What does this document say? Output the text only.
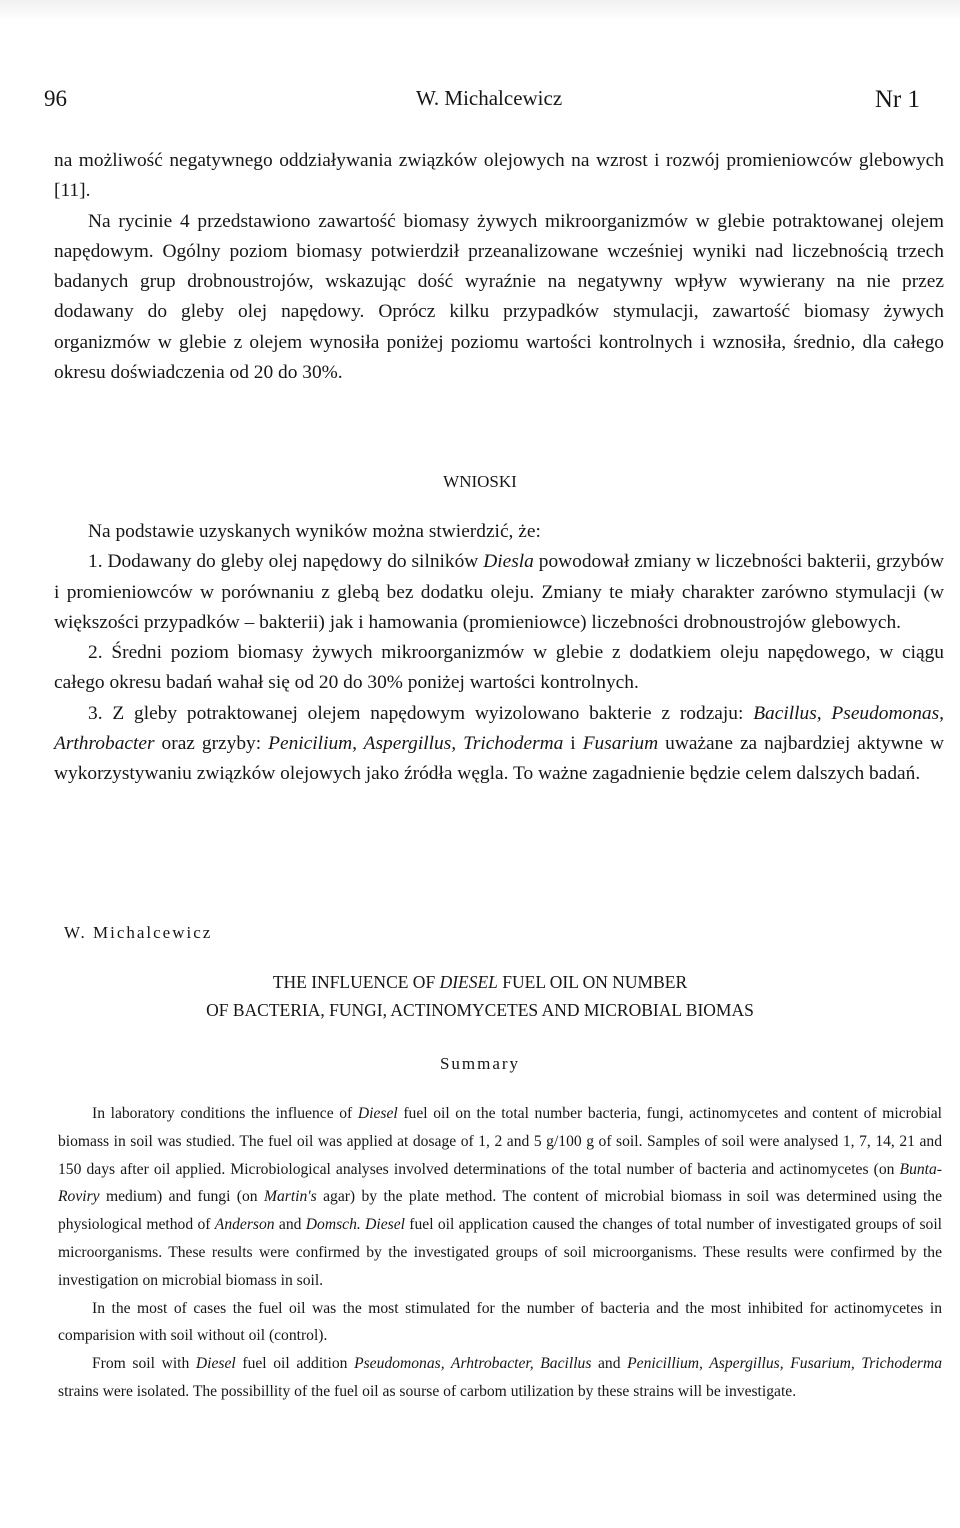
96	W. Michalcewicz	Nr 1

na możliwość negatywnego oddziaływania związków olejowych na wzrost i rozwój promieniowców glebowych [11].

Na rycinie 4 przedstawiono zawartość biomasy żywych mikroorganizmów w glebie potraktowanej olejem napędowym. Ogólny poziom biomasy potwierdził przeanalizowane wcześniej wyniki nad liczebnością trzech badanych grup drobnoustrojów, wskazując dość wyraźnie na negatywny wpływ wywierany na nie przez dodawany do gleby olej napędowy. Oprócz kilku przypadków stymulacji, zawartość biomasy żywych organizmów w glebie z olejem wynosiła poniżej poziomu wartości kontrolnych i wznosiła, średnio, dla całego okresu doświadczenia od 20 do 30%.

WNIOSKI

Na podstawie uzyskanych wyników można stwierdzić, że:

1. Dodawany do gleby olej napędowy do silników Diesla powodował zmiany w liczebności bakterii, grzybów i promieniowców w porównaniu z glebą bez dodatku oleju. Zmiany te miały charakter zarówno stymulacji (w większości przypadków – bakterii) jak i hamowania (promieniowce) liczebności drobnoustrojów glebowych.

2. Średni poziom biomasy żywych mikroorganizmów w glebie z dodatkiem oleju napędowego, w ciągu całego okresu badań wahał się od 20 do 30% poniżej wartości kontrolnych.

3. Z gleby potraktowanej olejem napędowym wyizolowano bakterie z rodzaju: Bacillus, Pseudomonas, Arthrobacter oraz grzyby: Penicilium, Aspergillus, Trichoderma i Fusarium uważane za najbardziej aktywne w wykorzystywaniu związków olejowych jako źródła węgla. To ważne zagadnienie będzie celem dalszych badań.

W. Michalcewicz
THE INFLUENCE OF DIESEL FUEL OIL ON NUMBER
OF BACTERIA, FUNGI, ACTINOMYCETES AND MICROBIAL BIOMAS
Summary

In laboratory conditions the influence of Diesel fuel oil on the total number bacteria, fungi, actinomycetes and content of microbial biomass in soil was studied. The fuel oil was applied at dosage of 1, 2 and 5 g/100 g of soil. Samples of soil were analysed 1, 7, 14, 21 and 150 days after oil applied. Microbiological analyses involved determinations of the total number of bacteria and actinomycetes (on Bunta-Roviry medium) and fungi (on Martin's agar) by the plate method. The content of microbial biomass in soil was determined using the physiological method of Anderson and Domsch. Diesel fuel oil application caused the changes of total number of investigated groups of soil microorganisms. These results were confirmed by the investigated groups of soil microorganisms. These results were confirmed by the investigation on microbial biomass in soil.

In the most of cases the fuel oil was the most stimulated for the number of bacteria and the most inhibited for actinomycetes in comparision with soil without oil (control).

From soil with Diesel fuel oil addition Pseudomonas, Arhtrobacter, Bacillus and Penicillium, Aspergillus, Fusarium, Trichoderma strains were isolated. The possibillity of the fuel oil as sourse of carbom utilization by these strains will be investigate.
